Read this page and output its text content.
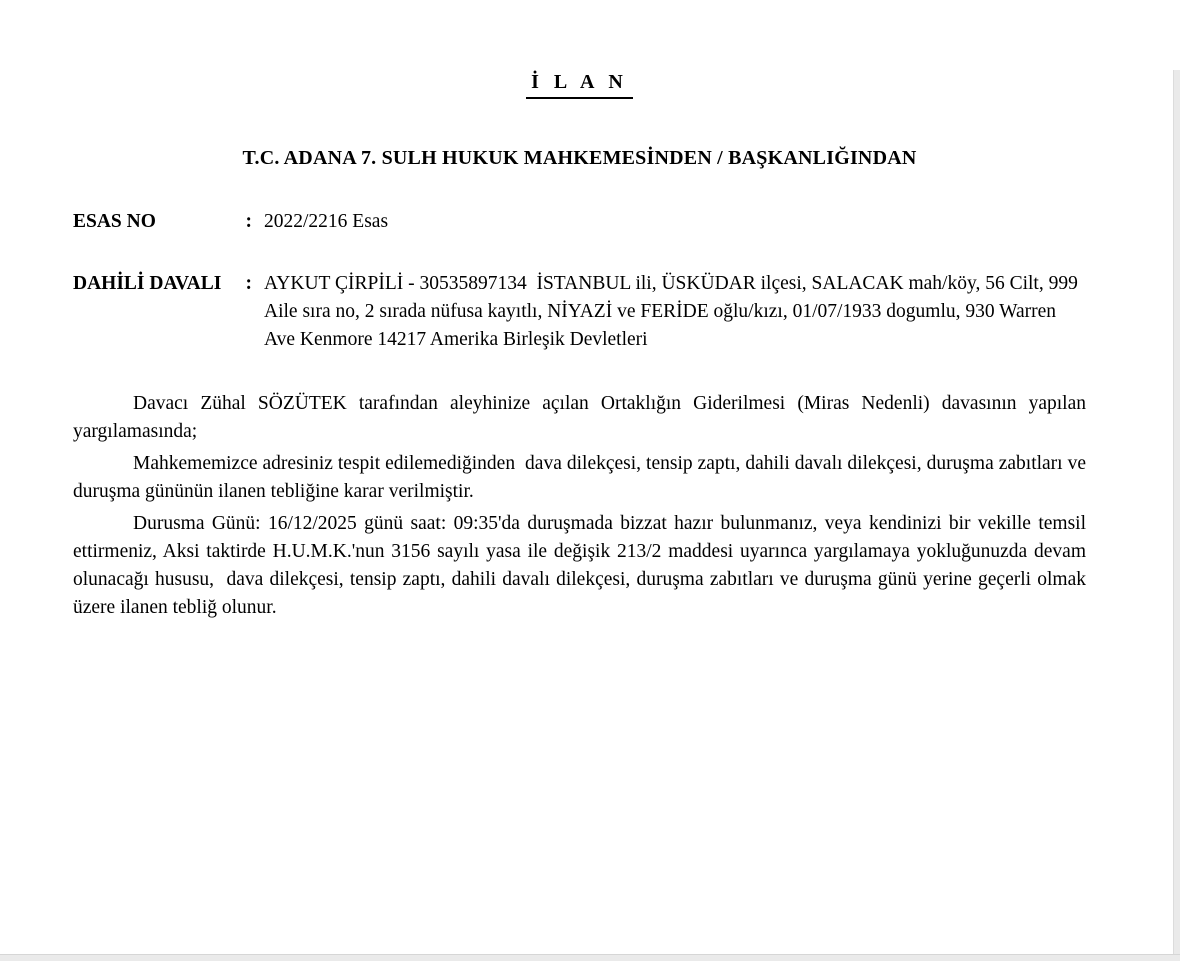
İ L A N
T.C. ADANA 7. SULH HUKUK MAHKEMESİNDEN / BAŞKANLIĞINDAN
ESAS NO	: 2022/2216 Esas
DAHİLİ DAVALI : AYKUT ÇİRPİLİ - 30535897134  İSTANBUL ili, ÜSKÜDAR ilçesi, SALACAK mah/köy, 56 Cilt, 999 Aile sıra no, 2 sırada nüfusa kayıtlı, NİYAZİ ve FERİDE oğlu/kızı, 01/07/1933 dogumlu, 930 Warren Ave Kenmore 14217 Amerika Birleşik Devletleri

Davacı Zühal SÖZÜTEK tarafından aleyhinize açılan Ortaklığın Giderilmesi (Miras Nedenli) davasının yapılan yargılamasında;

Mahkememizce adresiniz tespit edilemediğinden  dava dilekçesi, tensip zaptı, dahili davalı dilekçesi, duruşma zabıtları ve duruşma gününün ilanen tebliğine karar verilmiştir.

Durusma Günü: 16/12/2025 günü saat: 09:35'da duruşmada bizzat hazır bulunmanız, veya kendinizi bir vekille temsil ettirmeniz, Aksi taktirde H.U.M.K.'nun 3156 sayılı yasa ile değişik 213/2 maddesi uyarınca yargılamaya yokluğunuzda devam olunacağı hususu,  dava dilekçesi, tensip zaptı, dahili davalı dilekçesi, duruşma zabıtları ve duruşma günü yerine geçerli olmak üzere ilanen tebliğ olunur.
